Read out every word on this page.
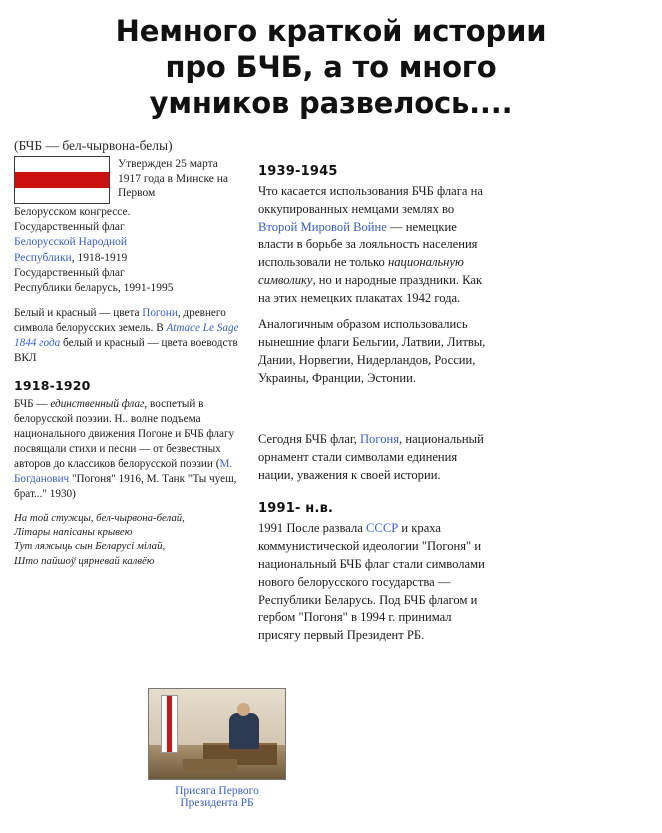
Немного краткой истории
про БЧБ, а то много
умников развелось....
(БЧБ — бел-чырвона-белы)
Утвержден 25 марта 1917 года в Минске на Первом

Белорусском конгрессе.

Государственный флаг

Белорусской Народной

Республики, 1918-1919

Государственный флаг

Республики беларусь, 1991-1995

Белый и красный — цвета Погони, древнего символа белорусских земель. В Atmace Le Sage 1844 года белый и красный — цвета воеводств ВКЛ
1918-1920
БЧБ — единственный флаг, воспетый в белорусской поэзии. Н.. волне подъема национального движения Погоне и БЧБ флагу посвящали стихи и песни — от безвестных авторов до классиков белорусской поэзии (М. Богданович "Погоня" 1916, М. Танк "Ты чуеш, брат..." 1930)
На той стужцы, бел-чырвона-белай,
Літары напісаны крывею
Тут ляжыць сын Беларусі мілай,
Што пайшоў цярневай калвёю
1939-1945

Что касается использования БЧБ флага на оккупированных немцами землях во Второй Мировой Войне — немецкие власти в борьбе за лояльность населения использовали не только национальную символику, но и народные праздники. Как на этих немецких плакатах 1942 года.

Аналогичным образом использовались нынешние флаги Бельгии, Латвии, Литвы, Дании, Норвегии, Нидерландов, России, Украины, Франции, Эстонии.

Сегодня БЧБ флаг, Погоня, национальный орнамент стали символами единения нации, уважения к своей истории.

1991- н.в.

1991 После развала СССР и краха коммунистической идеологии "Погоня" и национальный БЧБ флаг стали символами нового белорусского государства — Республики Беларусь. Под БЧБ флагом и гербом "Погоня" в 1994 г. принимал присягу первый Президент РБ.

Присяга Первого Президента РБ
